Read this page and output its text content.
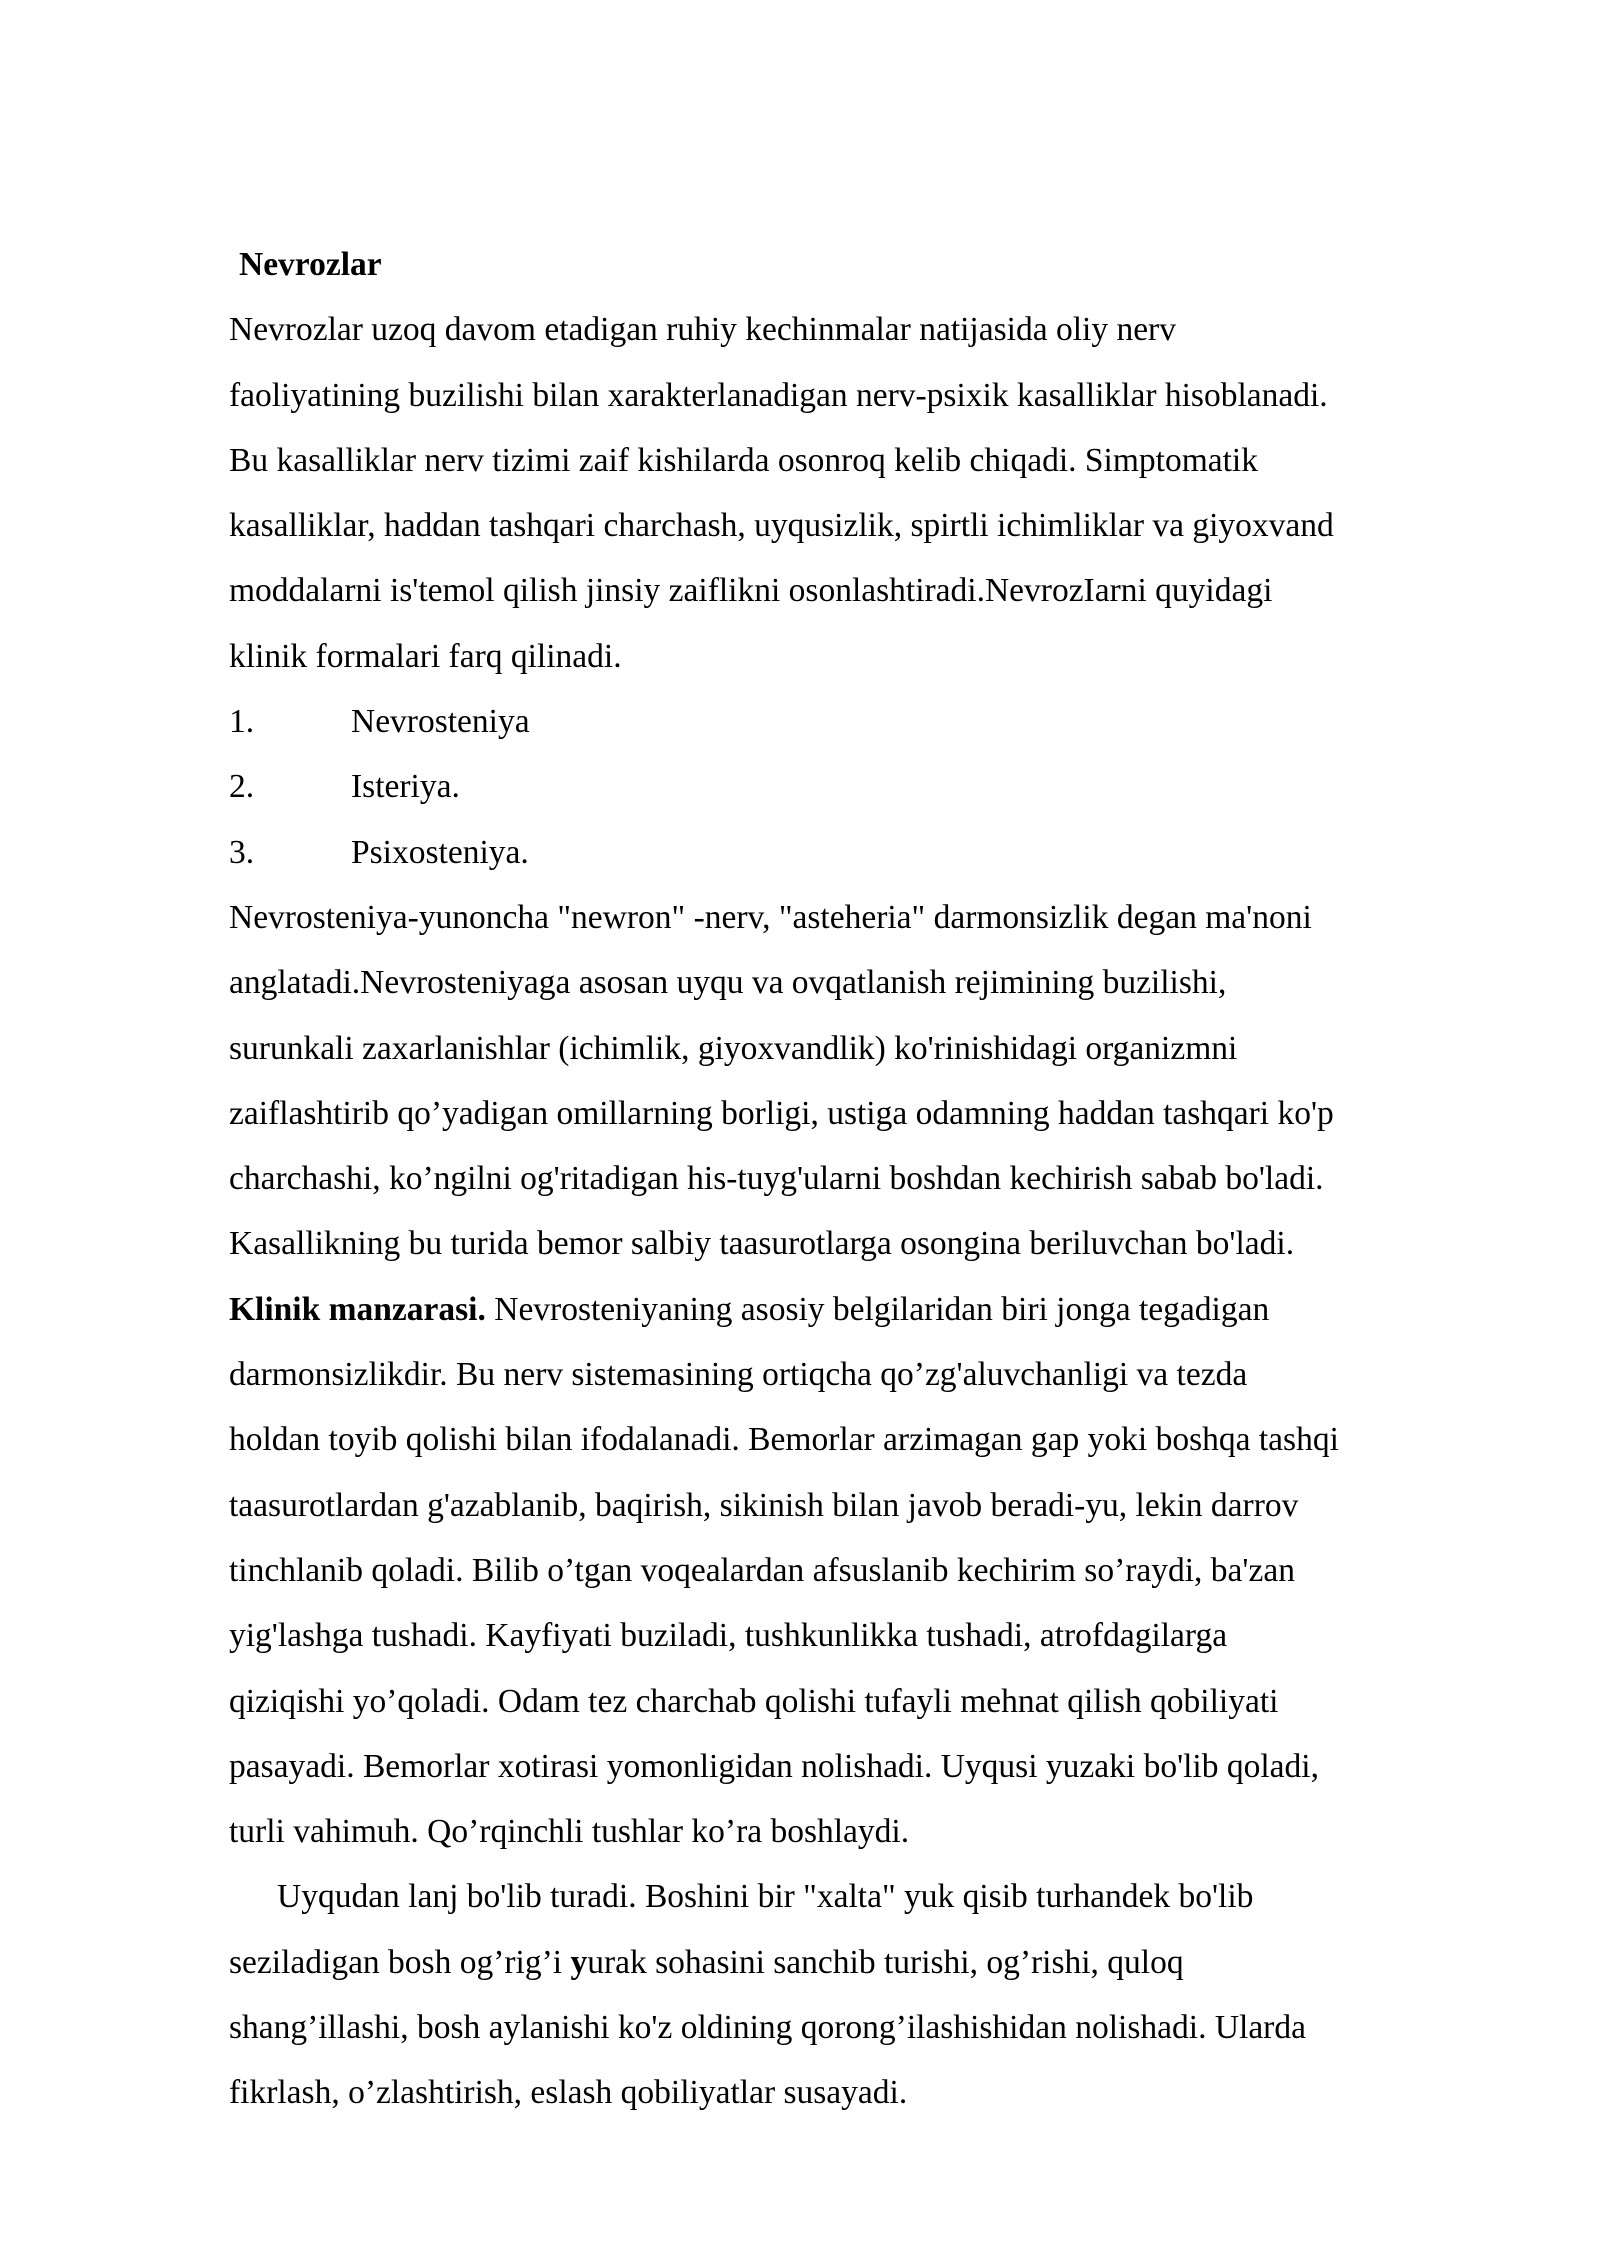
Nevrozlar
Nevrozlar uzoq davom etadigan ruhiy kechinmalar natijasida oliy nerv
faoliyatining buzilishi bilan xarakterlanadigan nerv-psixik kasalliklar hisoblanadi.
Bu kasalliklar nerv tizimi zaif kishilarda osonroq kelib chiqadi. Simptomatik
kasalliklar, haddan tashqari charchash, uyqusizlik, spirtli ichimliklar va giyoxvand
moddalarni is'temol qilish jinsiy zaiflikni osonlashtiradi.NevrozIarni quyidagi
klinik formalari farq qilinadi.
1.	Nevrosteniya
2.	Isteriya.
3.	Psixosteniya.
Nevrosteniya-yunoncha "newron" -nerv, "asteheria" darmonsizlik degan ma'noni
anglatadi.Nevrosteniyaga asosan uyqu va ovqatlanish rejimining buzilishi,
surunkali zaxarlanishlar (ichimlik, giyoxvandlik) ko'rinishidagi organizmni
zaiflashtirib qo’yadigan omillarning borligi, ustiga odamning haddan tashqari ko'p
charchashi, ko’ngilni og'ritadigan his-tuyg'ularni boshdan kechirish sabab bo'ladi.
Kasallikning bu turida bemor salbiy taasurotlarga osongina beriluvchan bo'ladi.
Klinik manzarasi. Nevrosteniyaning asosiy belgilaridan biri jonga tegadigan
darmonsizlikdir. Bu nerv sistemasining ortiqcha qo’zg'aluvchanligi va tezda
holdan toyib qolishi bilan ifodalanadi. Bemorlar arzimagan gap yoki boshqa tashqi
taasurotlardan g'azablanib, baqirish, sikinish bilan javob beradi-yu, lekin darrov
tinchlanib qoladi. Bilib o’tgan voqealardan afsuslanib kechirim so’raydi, ba'zan
yig'lashga tushadi. Kayfiyati buziladi, tushkunlikka tushadi, atrofdagilarga
qiziqishi yo’qoladi. Odam tez charchab qolishi tufayli mehnat qilish qobiliyati
pasayadi. Bemorlar xotirasi yomonligidan nolishadi. Uyqusi yuzaki bo'lib qoladi,
turli vahimuh. Qo’rqinchli tushlar ko’ra boshlaydi.
Uyqudan lanj bo'lib turadi. Boshini bir "xalta" yuk qisib turhandek bo'lib
seziladigan bosh og’rig’i yurak sohasini sanchib turishi, og’rishi, quloq
shang’illashi, bosh aylanishi ko'z oldining qorong’ilashishidan nolishadi. Ularda
fikrlash, o’zlashtirish, eslash qobiliyatlar susayadi.
